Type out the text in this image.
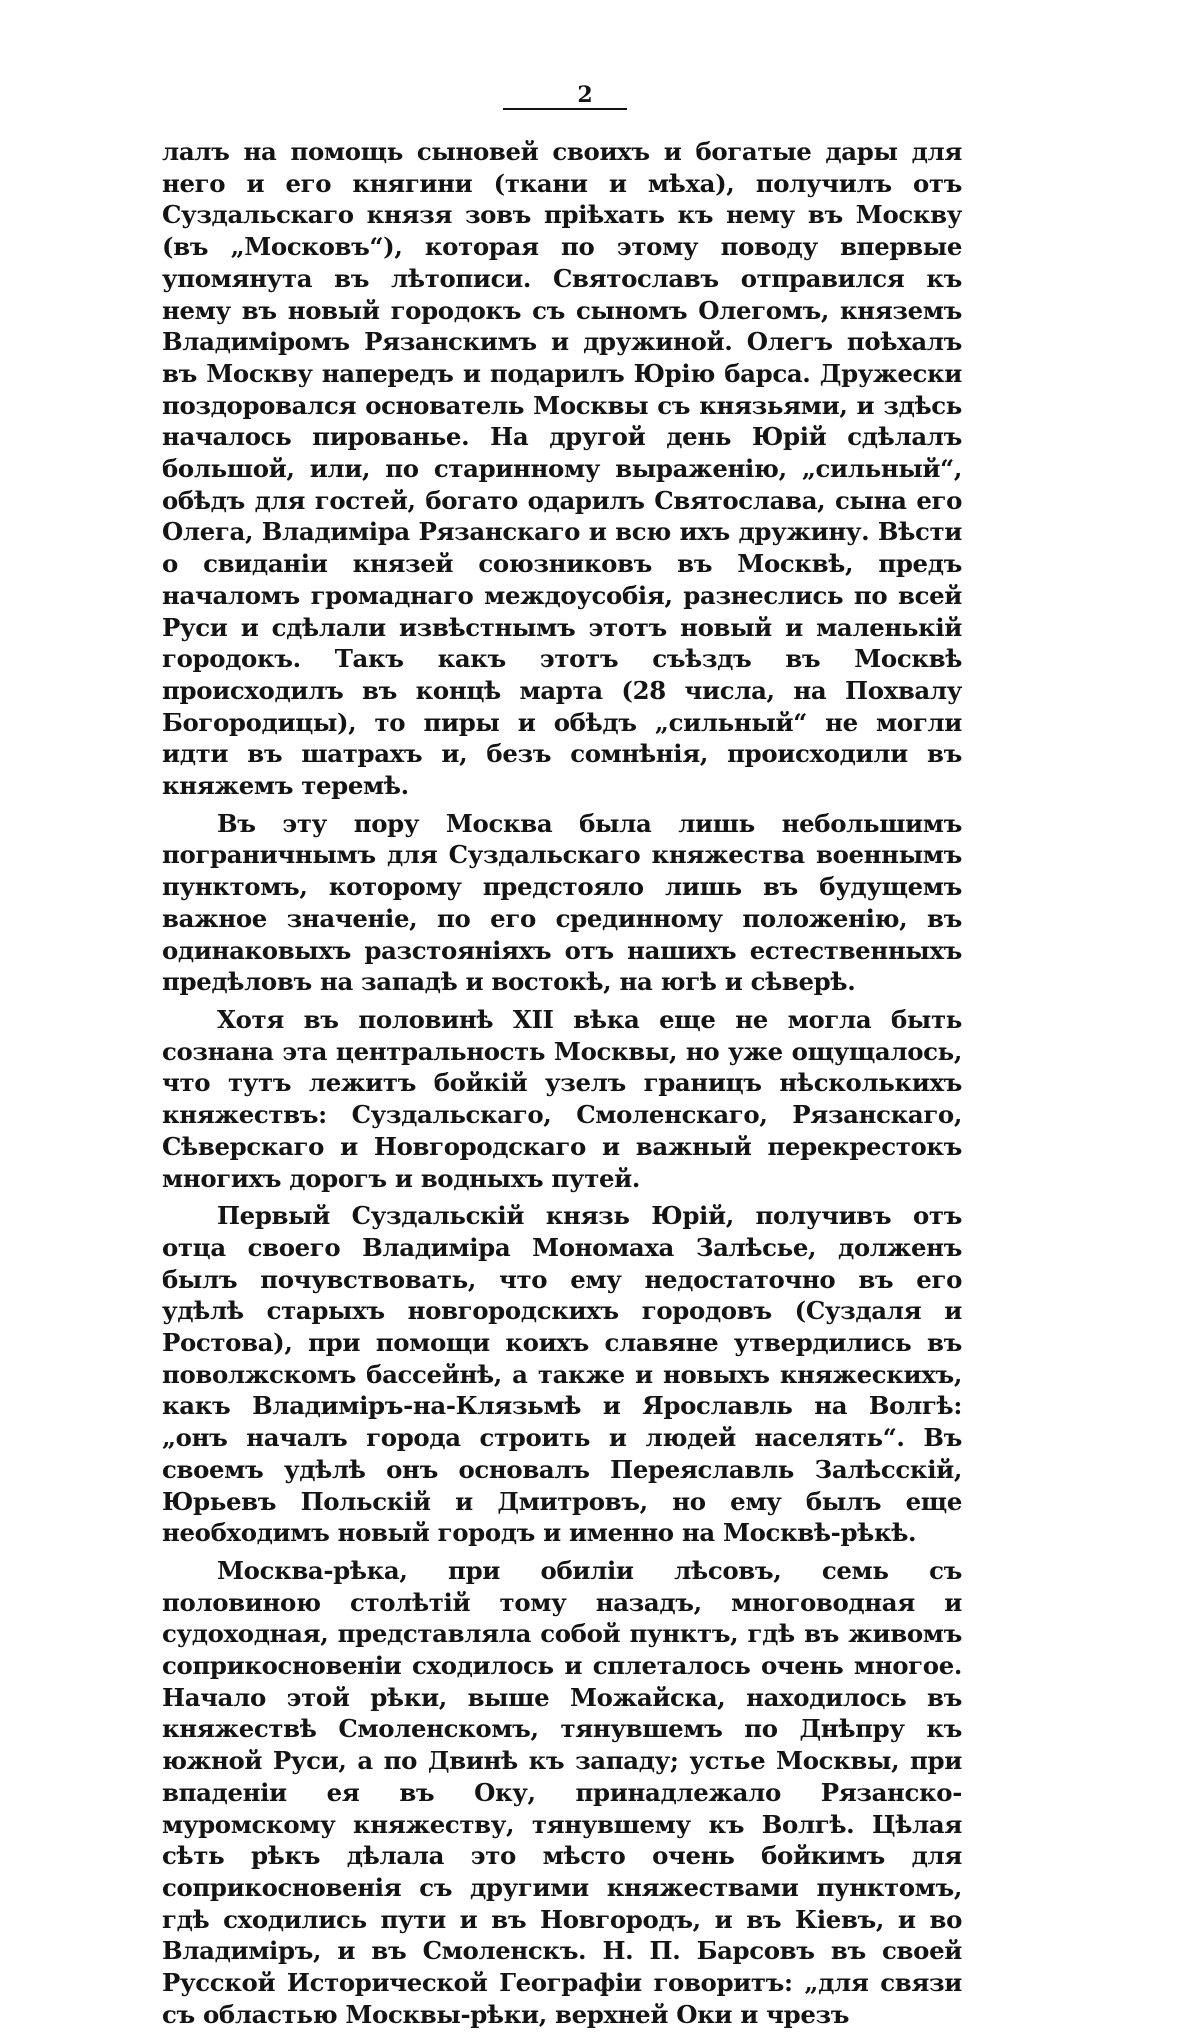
2

лалъ на помощь сыновей своихъ и богатые дары для него и его княгини (ткани и мѣха), получилъ отъ Суздальскаго князя зовъ пріѣхать къ нему въ Москву (въ „Московъ“), которая по этому поводу впервые упомянута въ лѣтописи. Святославъ отправился къ нему въ новый городокъ съ сыномъ Олегомъ, княземъ Владиміромъ Рязанскимъ и дружиной. Олегъ поѣхалъ въ Москву напередъ и подарилъ Юрію барса. Дружески поздоровался основатель Москвы съ князьями, и здѣсь началось пированье. На другой день Юрій сдѣлалъ большой, или, по старинному выраженію, „сильный“, обѣдъ для гостей, богато одарилъ Святослава, сына его Олега, Владиміра Рязанскаго и всю ихъ дружину. Вѣсти о свиданіи князей союзниковъ въ Москвѣ, предъ началомъ громаднаго междоусобія, разнеслись по всей Руси и сдѣлали извѣстнымъ этотъ новый и маленькій городокъ. Такъ какъ этотъ съѣздъ въ Москвѣ происходилъ въ концѣ марта (28 числа, на Похвалу Богородицы), то пиры и обѣдъ „сильный“ не могли идти въ шатрахъ и, безъ сомнѣнія, происходили въ княжемъ теремѣ.

Въ эту пору Москва была лишь небольшимъ пограничнымъ для Суздальскаго княжества военнымъ пунктомъ, которому предстояло лишь въ будущемъ важное значеніе, по его срединному положенію, въ одинаковыхъ разстояніяхъ отъ нашихъ естественныхъ предѣловъ на западѣ и востокѣ, на югѣ и сѣверѣ.

Хотя въ половинѣ XII вѣка еще не могла быть сознана эта центральность Москвы, но уже ощущалось, что тутъ лежитъ бойкій узелъ границъ нѣсколькихъ княжествъ: Суздальскаго, Смоленскаго, Рязанскаго, Сѣверскаго и Новгородскаго и важный перекрестокъ многихъ дорогъ и водныхъ путей.

Первый Суздальскій князь Юрій, получивъ отъ отца своего Владиміра Мономаха Залѣсье, долженъ былъ почувствовать, что ему недостаточно въ его удѣлѣ старыхъ новгородскихъ городовъ (Суздаля и Ростова), при помощи коихъ славяне утвердились въ поволжскомъ бассейнѣ, а также и новыхъ княжескихъ, какъ Владиміръ-на-Клязьмѣ и Ярославль на Волгѣ: „онъ началъ города строить и людей населять“. Въ своемъ удѣлѣ онъ основалъ Переяславль Залѣсскій, Юрьевъ Польскій и Дмитровъ, но ему былъ еще необходимъ новый городъ и именно на Москвѣ-рѣкѣ.

Москва-рѣка, при обиліи лѣсовъ, семь съ половиною столѣтій тому назадъ, многоводная и судоходная, представляла собой пунктъ, гдѣ въ живомъ соприкосновеніи сходилось и сплеталось очень многое. Начало этой рѣки, выше Можайска, находилось въ княжествѣ Смоленскомъ, тянувшемъ по Днѣпру къ южной Руси, а по Двинѣ къ западу; устье Москвы, при впаденіи ея въ Оку, принадлежало Рязанско-муромскому княжеству, тянувшему къ Волгѣ. Цѣлая сѣть рѣкъ дѣлала это мѣсто очень бойкимъ для соприкосновенія съ другими княжествами пунктомъ, гдѣ сходились пути и въ Новгородъ, и въ Кіевъ, и во Владиміръ, и въ Смоленскъ. Н. П. Барсовъ въ своей Русской Исторической Географіи говоритъ: „для связи съ областью Москвы-рѣки, верхней Оки и чрезъ
